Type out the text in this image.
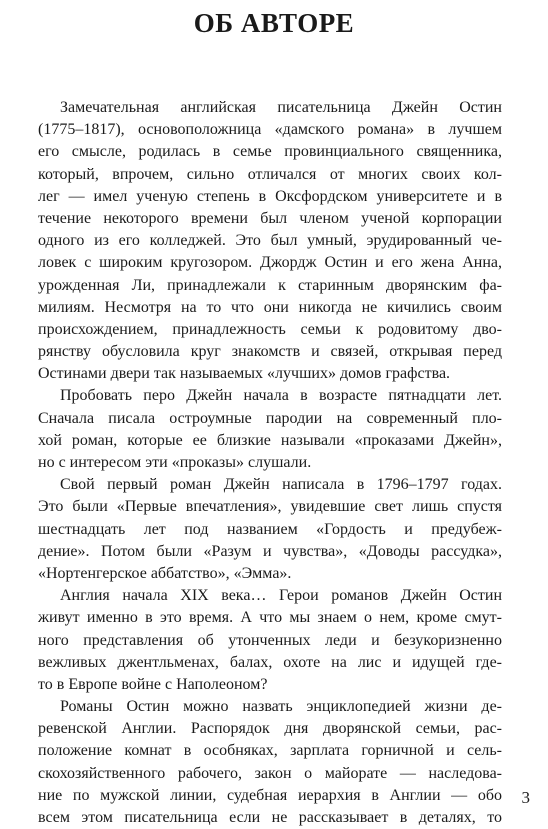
ОБ АВТОРЕ
Замечательная английская писательница Джейн Остин
(1775–1817), основоположница «дамского романа» в лучшем
его смысле, родилась в семье провинциального священника,
который, впрочем, сильно отличался от многих своих кол-
лег — имел ученую степень в Оксфордском университете и в
течение некоторого времени был членом ученой корпорации
одного из его колледжей. Это был умный, эрудированный че-
ловек с широким кругозором. Джордж Остин и его жена Анна,
урожденная Ли, принадлежали к старинным дворянским фа-
милиям. Несмотря на то что они никогда не кичились своим
происхождением, принадлежность семьи к родовитому дво-
рянству обусловила круг знакомств и связей, открывая перед
Остинами двери так называемых «лучших» домов графства.
Пробовать перо Джейн начала в возрасте пятнадцати лет.
Сначала писала остроумные пародии на современный пло-
хой роман, которые ее близкие называли «проказами Джейн»,
но с интересом эти «проказы» слушали.
Свой первый роман Джейн написала в 1796–1797 годах.
Это были «Первые впечатления», увидевшие свет лишь спустя
шестнадцать лет под названием «Гордость и предубеж-
дение». Потом были «Разум и чувства», «Доводы рассудка»,
«Нортенгерское аббатство», «Эмма».
Англия начала XIX века… Герои романов Джейн Остин
живут именно в это время. А что мы знаем о нем, кроме смут-
ного представления об утонченных леди и безукоризненно
вежливых джентльменах, балах, охоте на лис и идущей где-
то в Европе войне с Наполеоном?
Романы Остин можно назвать энциклопедией жизни де-
ревенской Англии. Распорядок дня дворянской семьи, рас-
положение комнат в особняках, зарплата горничной и сель-
скохозяйственного рабочего, закон о майорате — наследова-
ние по мужской линии, судебная иерархия в Англии — обо
всем этом писательница если не рассказывает в деталях, то
3
